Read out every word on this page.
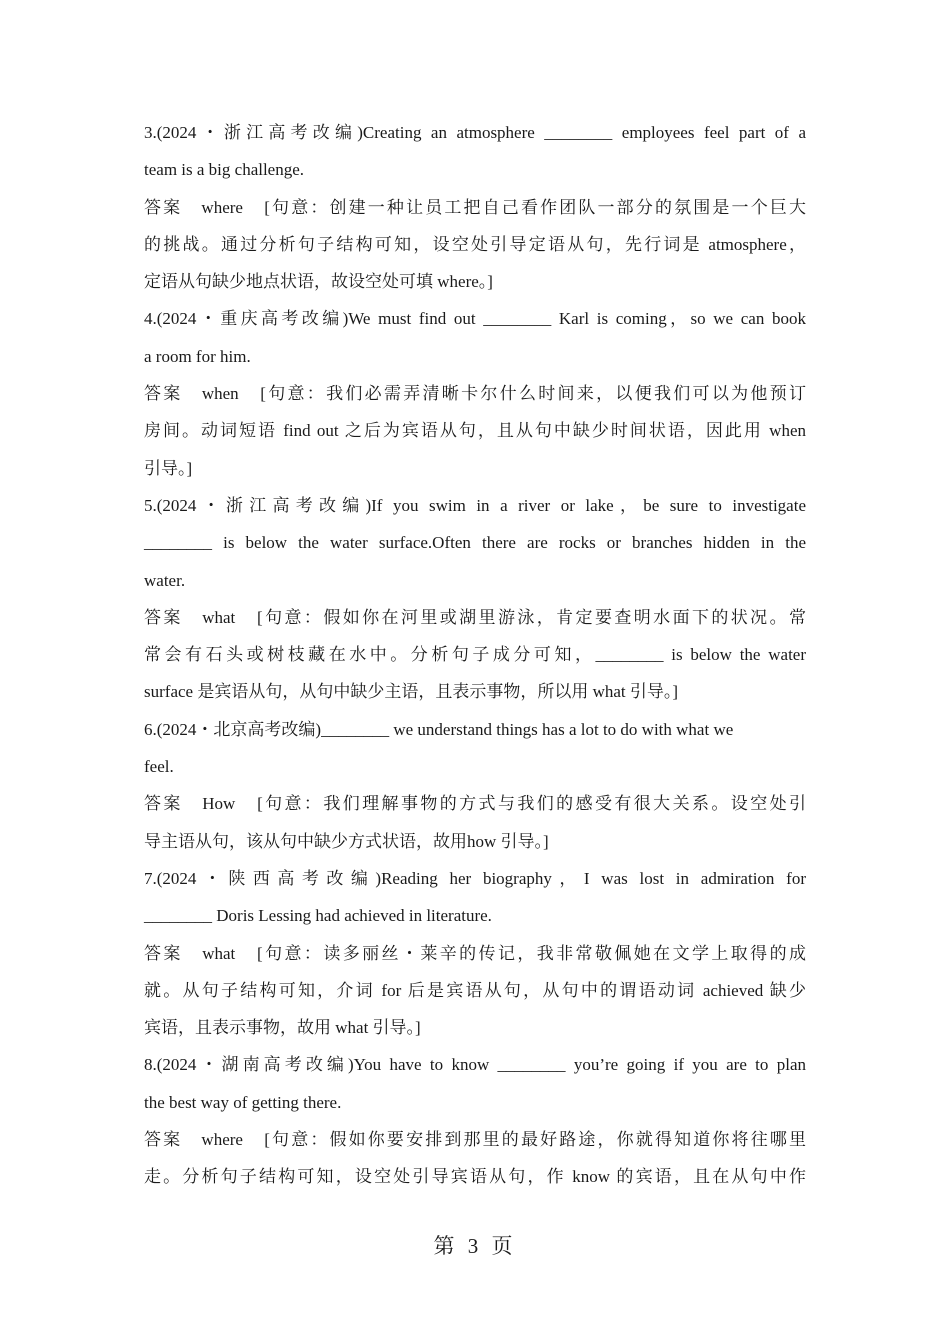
3.(2024・浙江高考改编)Creating an atmosphere ________ employees feel part of a
team is a big challenge.
答案　where　[句意：创建一种让员工把自己看作团队一部分的氛围是一个巨大
的挑战。通过分析句子结构可知，设空处引导定语从句，先行词是 atmosphere，
定语从句缺少地点状语，故设空处可填 where。]
4.(2024・重庆高考改编)We must find out ________ Karl is coming，so we can book
a room for him.
答案　when　[句意：我们必需弄清晰卡尔什么时间来，以便我们可以为他预订
房间。动词短语 find out 之后为宾语从句，且从句中缺少时间状语，因此用 when
引导。]
5.(2024・浙江高考改编)If you swim in a river or lake，be sure to investigate
________ is below the water surface.Often there are rocks or branches hidden in the
water.
答案　what　[句意：假如你在河里或湖里游泳，肯定要查明水面下的状况。常
常会有石头或树枝藏在水中。分析句子成分可知，________ is below the water
surface 是宾语从句，从句中缺少主语，且表示事物，所以用 what 引导。]
6.(2024・北京高考改编)________ we understand things has a lot to do with what we
feel.
答案　How　[句意：我们理解事物的方式与我们的感受有很大关系。设空处引
导主语从句，该从句中缺少方式状语，故用how 引导。]
7.(2024・陕西高考改编)Reading her biography，I was lost in admiration for
________ Doris Lessing had achieved in literature.
答案　what　[句意：读多丽丝・莱辛的传记，我非常敬佩她在文学上取得的成
就。从句子结构可知，介词 for 后是宾语从句，从句中的谓语动词 achieved 缺少
宾语，且表示事物，故用 what 引导。]
8.(2024・湖南高考改编)You have to know ________ you’re going if you are to plan
the best way of getting there.
答案　where　[句意：假如你要安排到那里的最好路途，你就得知道你将往哪里
走。分析句子结构可知，设空处引导宾语从句，作 know 的宾语，且在从句中作
第 3 页
